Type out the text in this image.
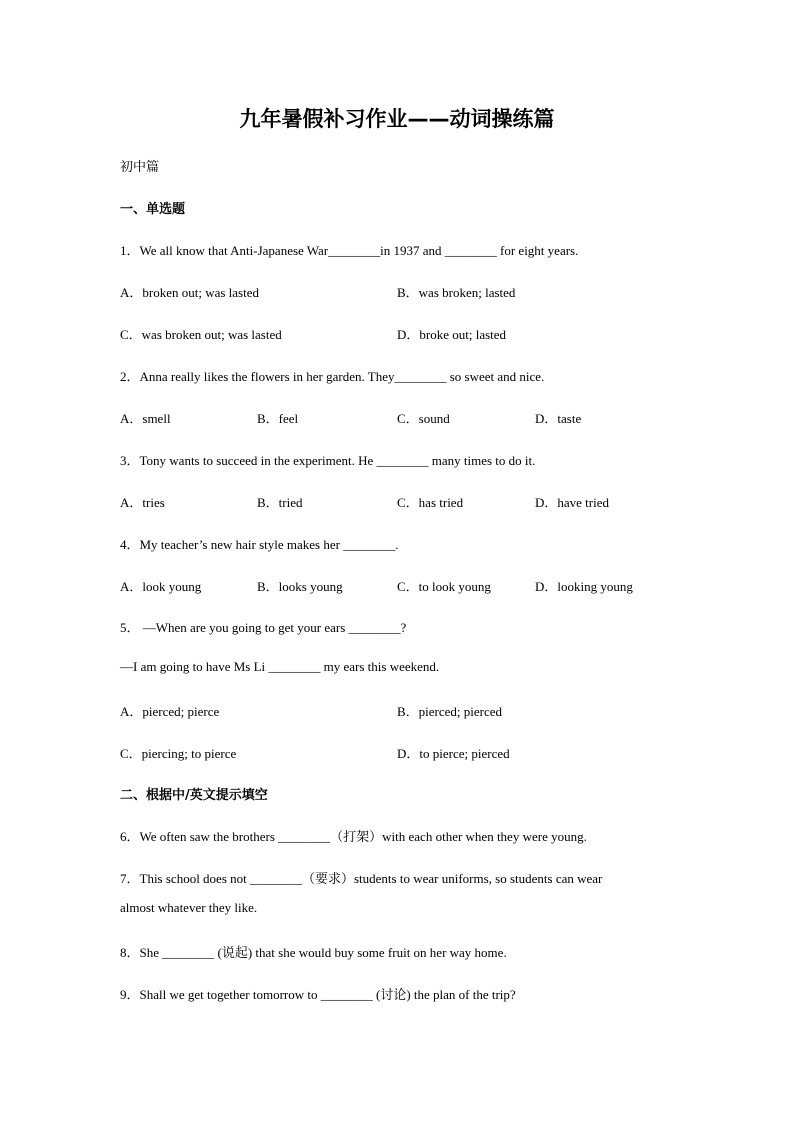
九年暑假补习作业——动词操练篇
初中篇
一、单选题
1．We all know that Anti-Japanese War________in 1937 and ________ for eight years.
A．broken out; was lasted	B．was broken; lasted
C．was broken out; was lasted	D．broke out; lasted
2．Anna really likes the flowers in her garden. They________ so sweet and nice.
A．smell	B．feel	C．sound	D．taste
3．Tony wants to succeed in the experiment. He ________ many times to do it.
A．tries	B．tried	C．has tried	D．have tried
4．My teacher’s new hair style makes her ________.
A．look young	B．looks young	C．to look young	D．looking young
5． —When are you going to get your ears ________?
—I am going to have Ms Li ________ my ears this weekend.
A．pierced; pierce	B．pierced; pierced
C．piercing; to pierce	D．to pierce; pierced
二、根据中/英文提示填空
6．We often saw the brothers ________（打架）with each other when they were young.
7．This school does not ________（要求）students to wear uniforms, so students can wear
almost whatever they like.
8．She ________ (说起) that she would buy some fruit on her way home.
9．Shall we get together tomorrow to ________ (讨论) the plan of the trip?
